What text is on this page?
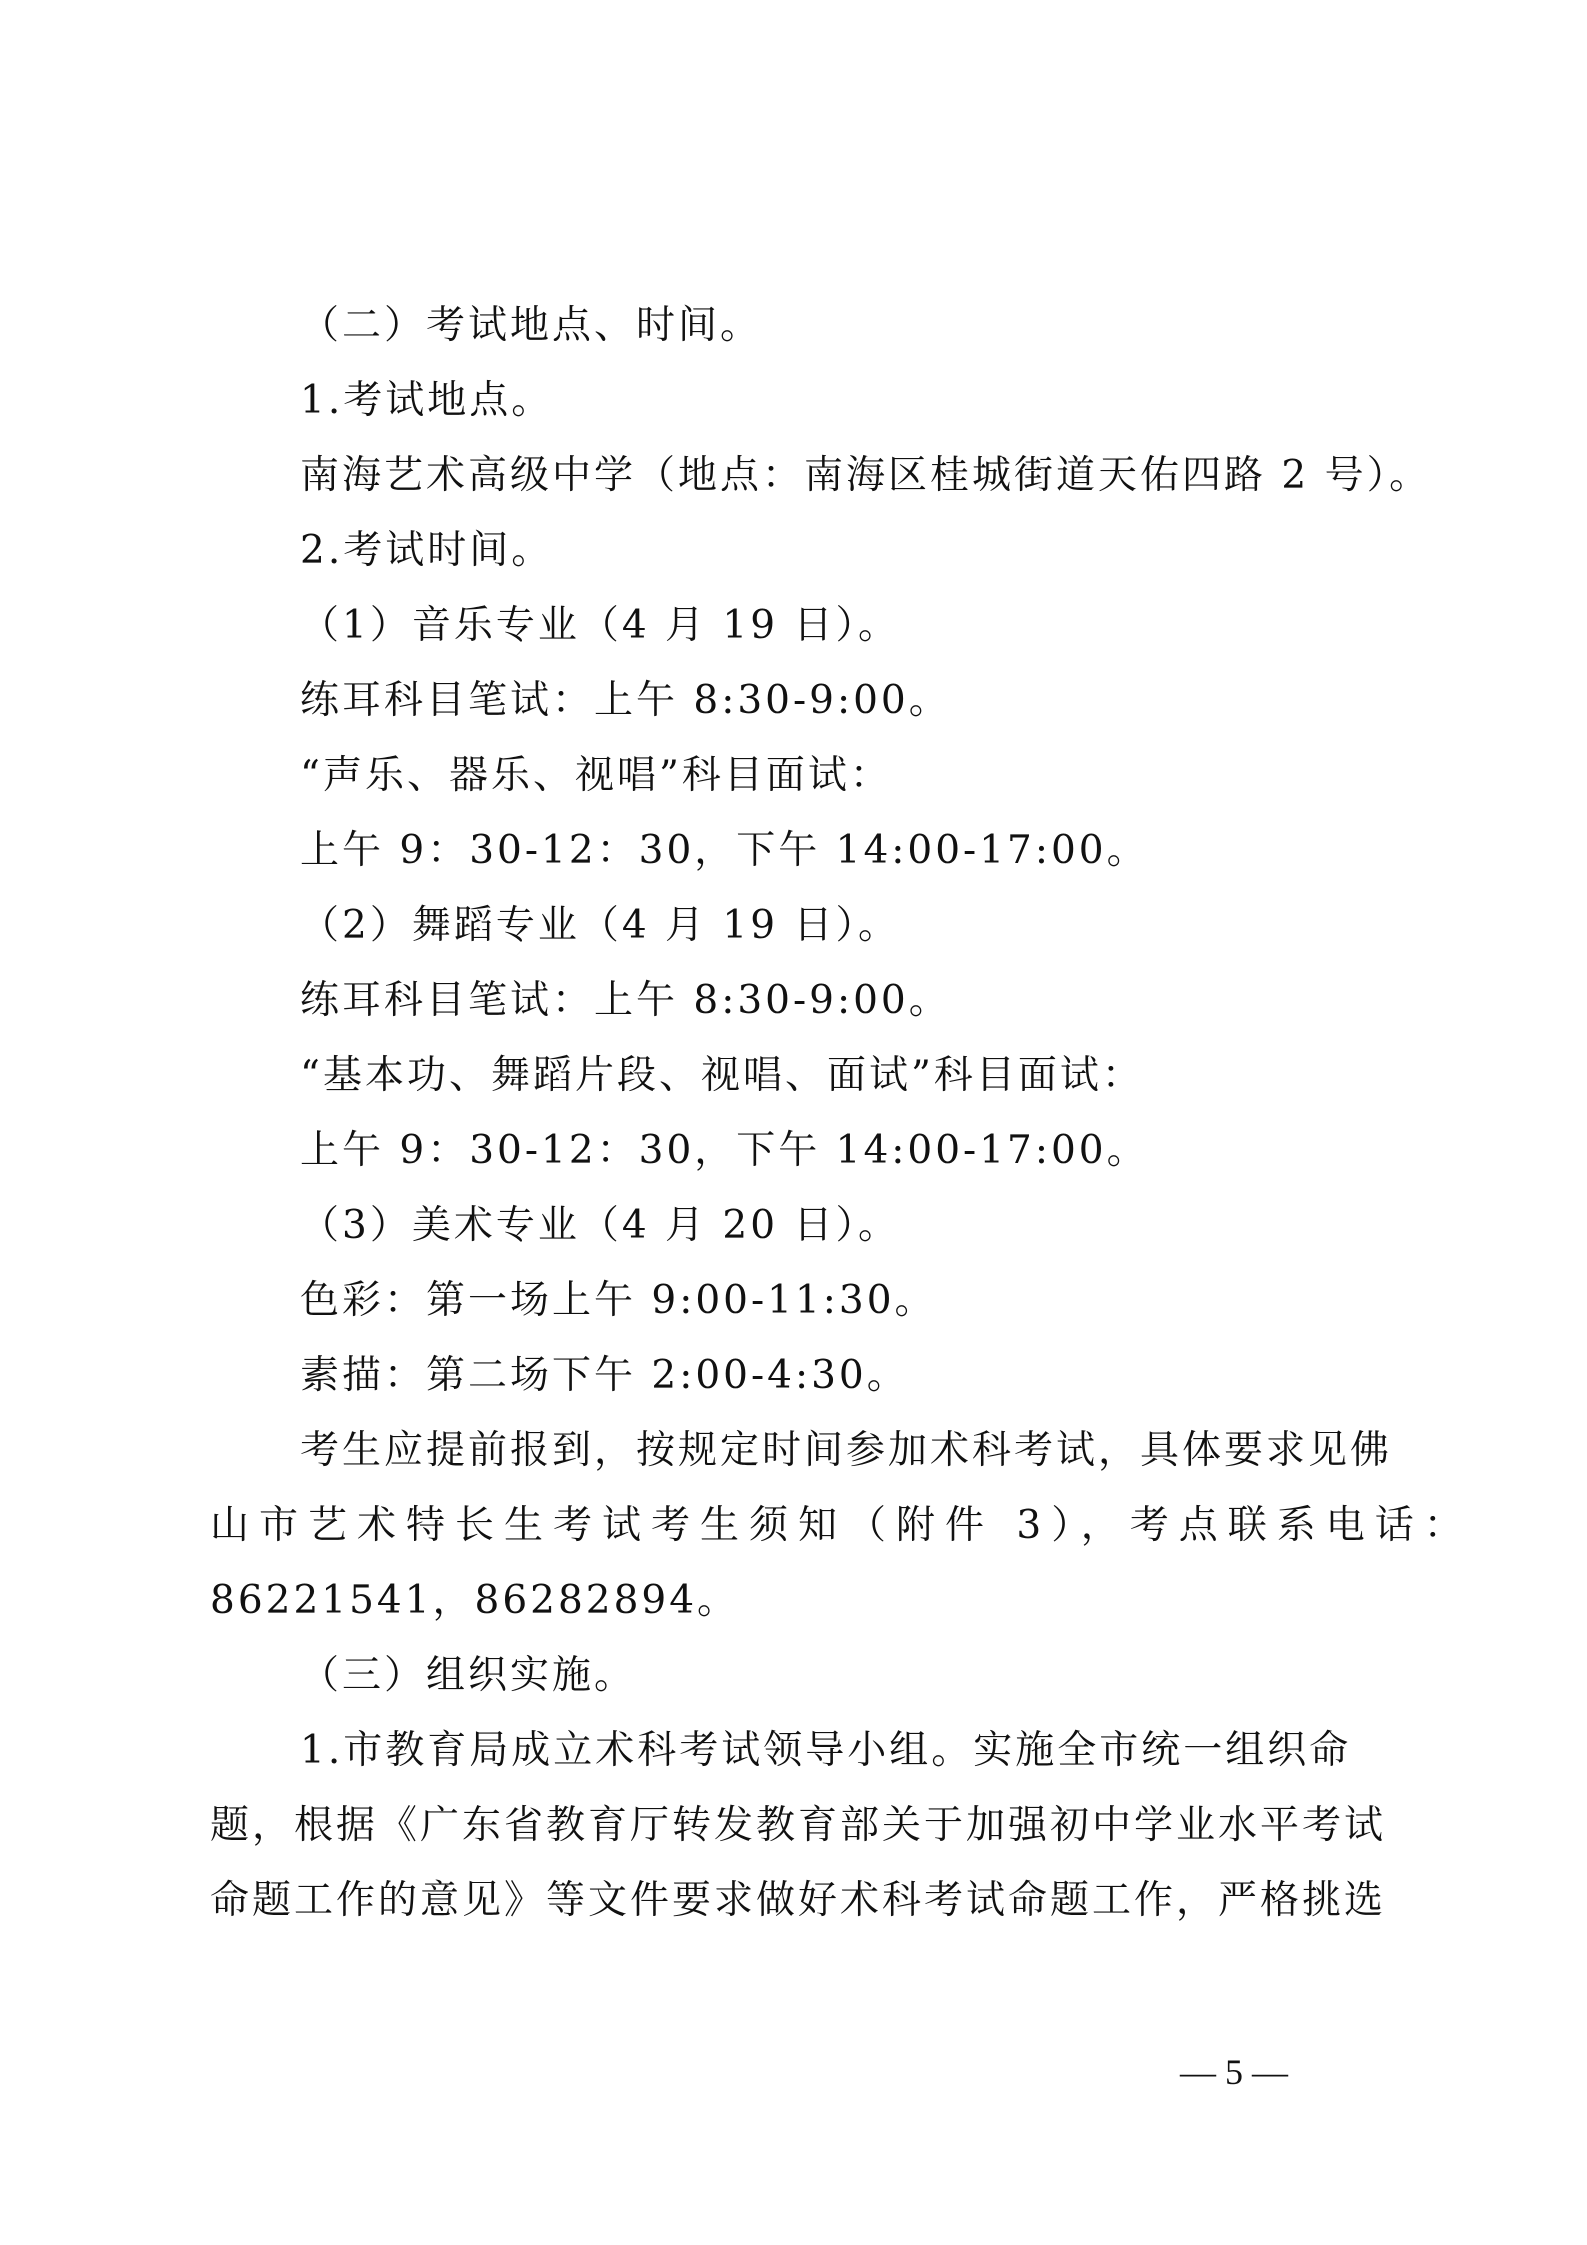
（二）考试地点、时间。
1.考试地点。
南海艺术高级中学（地点：南海区桂城街道天佑四路 2 号）。
2.考试时间。
（1）音乐专业（4 月 19 日）。
练耳科目笔试：上午 8:30-9:00。
“声乐、器乐、视唱”科目面试：
上午 9：30-12：30，下午 14:00-17:00。
（2）舞蹈专业（4 月 19 日）。
练耳科目笔试：上午 8:30-9:00。
“基本功、舞蹈片段、视唱、面试”科目面试：
上午 9：30-12：30，下午 14:00-17:00。
（3）美术专业（4 月 20 日）。
色彩：第一场上午 9:00-11:30。
素描：第二场下午 2:00-4:30。
考生应提前报到，按规定时间参加术科考试，具体要求见佛
山市艺术特长生考试考生须知（附件 3），考点联系电话：
86221541，86282894。
（三）组织实施。
1.市教育局成立术科考试领导小组。实施全市统一组织命
题，根据《广东省教育厅转发教育部关于加强初中学业水平考试
命题工作的意见》等文件要求做好术科考试命题工作，严格挑选
— 5 —
